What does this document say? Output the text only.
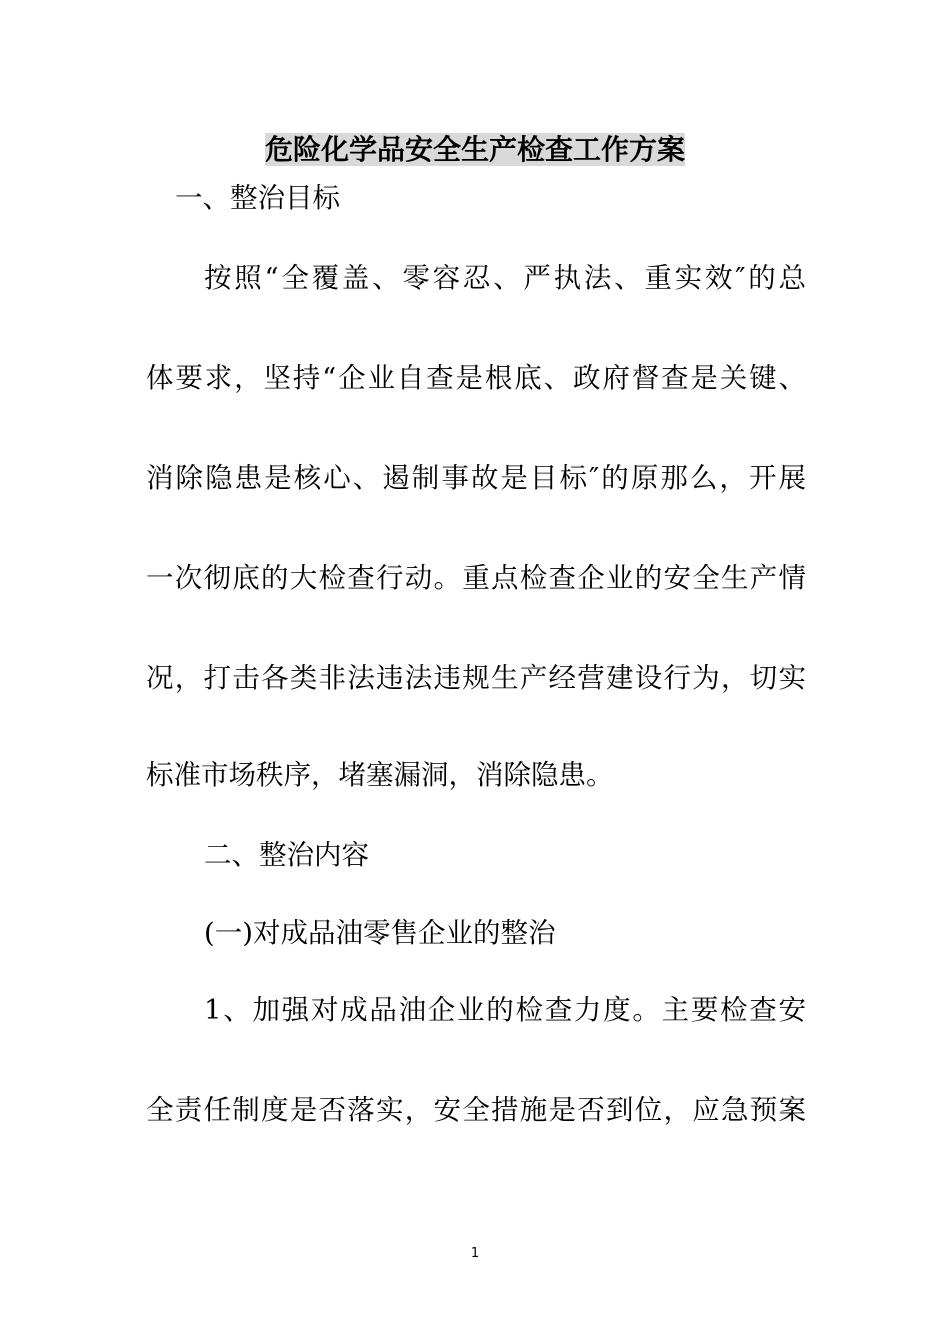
危险化学品安全生产检查工作方案
一、整治目标
按照“全覆盖、零容忍、严执法、重实效″的总
体要求，坚持“企业自查是根底、政府督查是关键、
消除隐患是核心、遏制事故是目标″的原那么，开展
一次彻底的大检查行动。重点检查企业的安全生产情
况，打击各类非法违法违规生产经营建设行为，切实
标准市场秩序，堵塞漏洞，消除隐患。
二、整治内容
(一)对成品油零售企业的整治
1、加强对成品油企业的检查力度。主要检查安
全责任制度是否落实，安全措施是否到位，应急预案
1
